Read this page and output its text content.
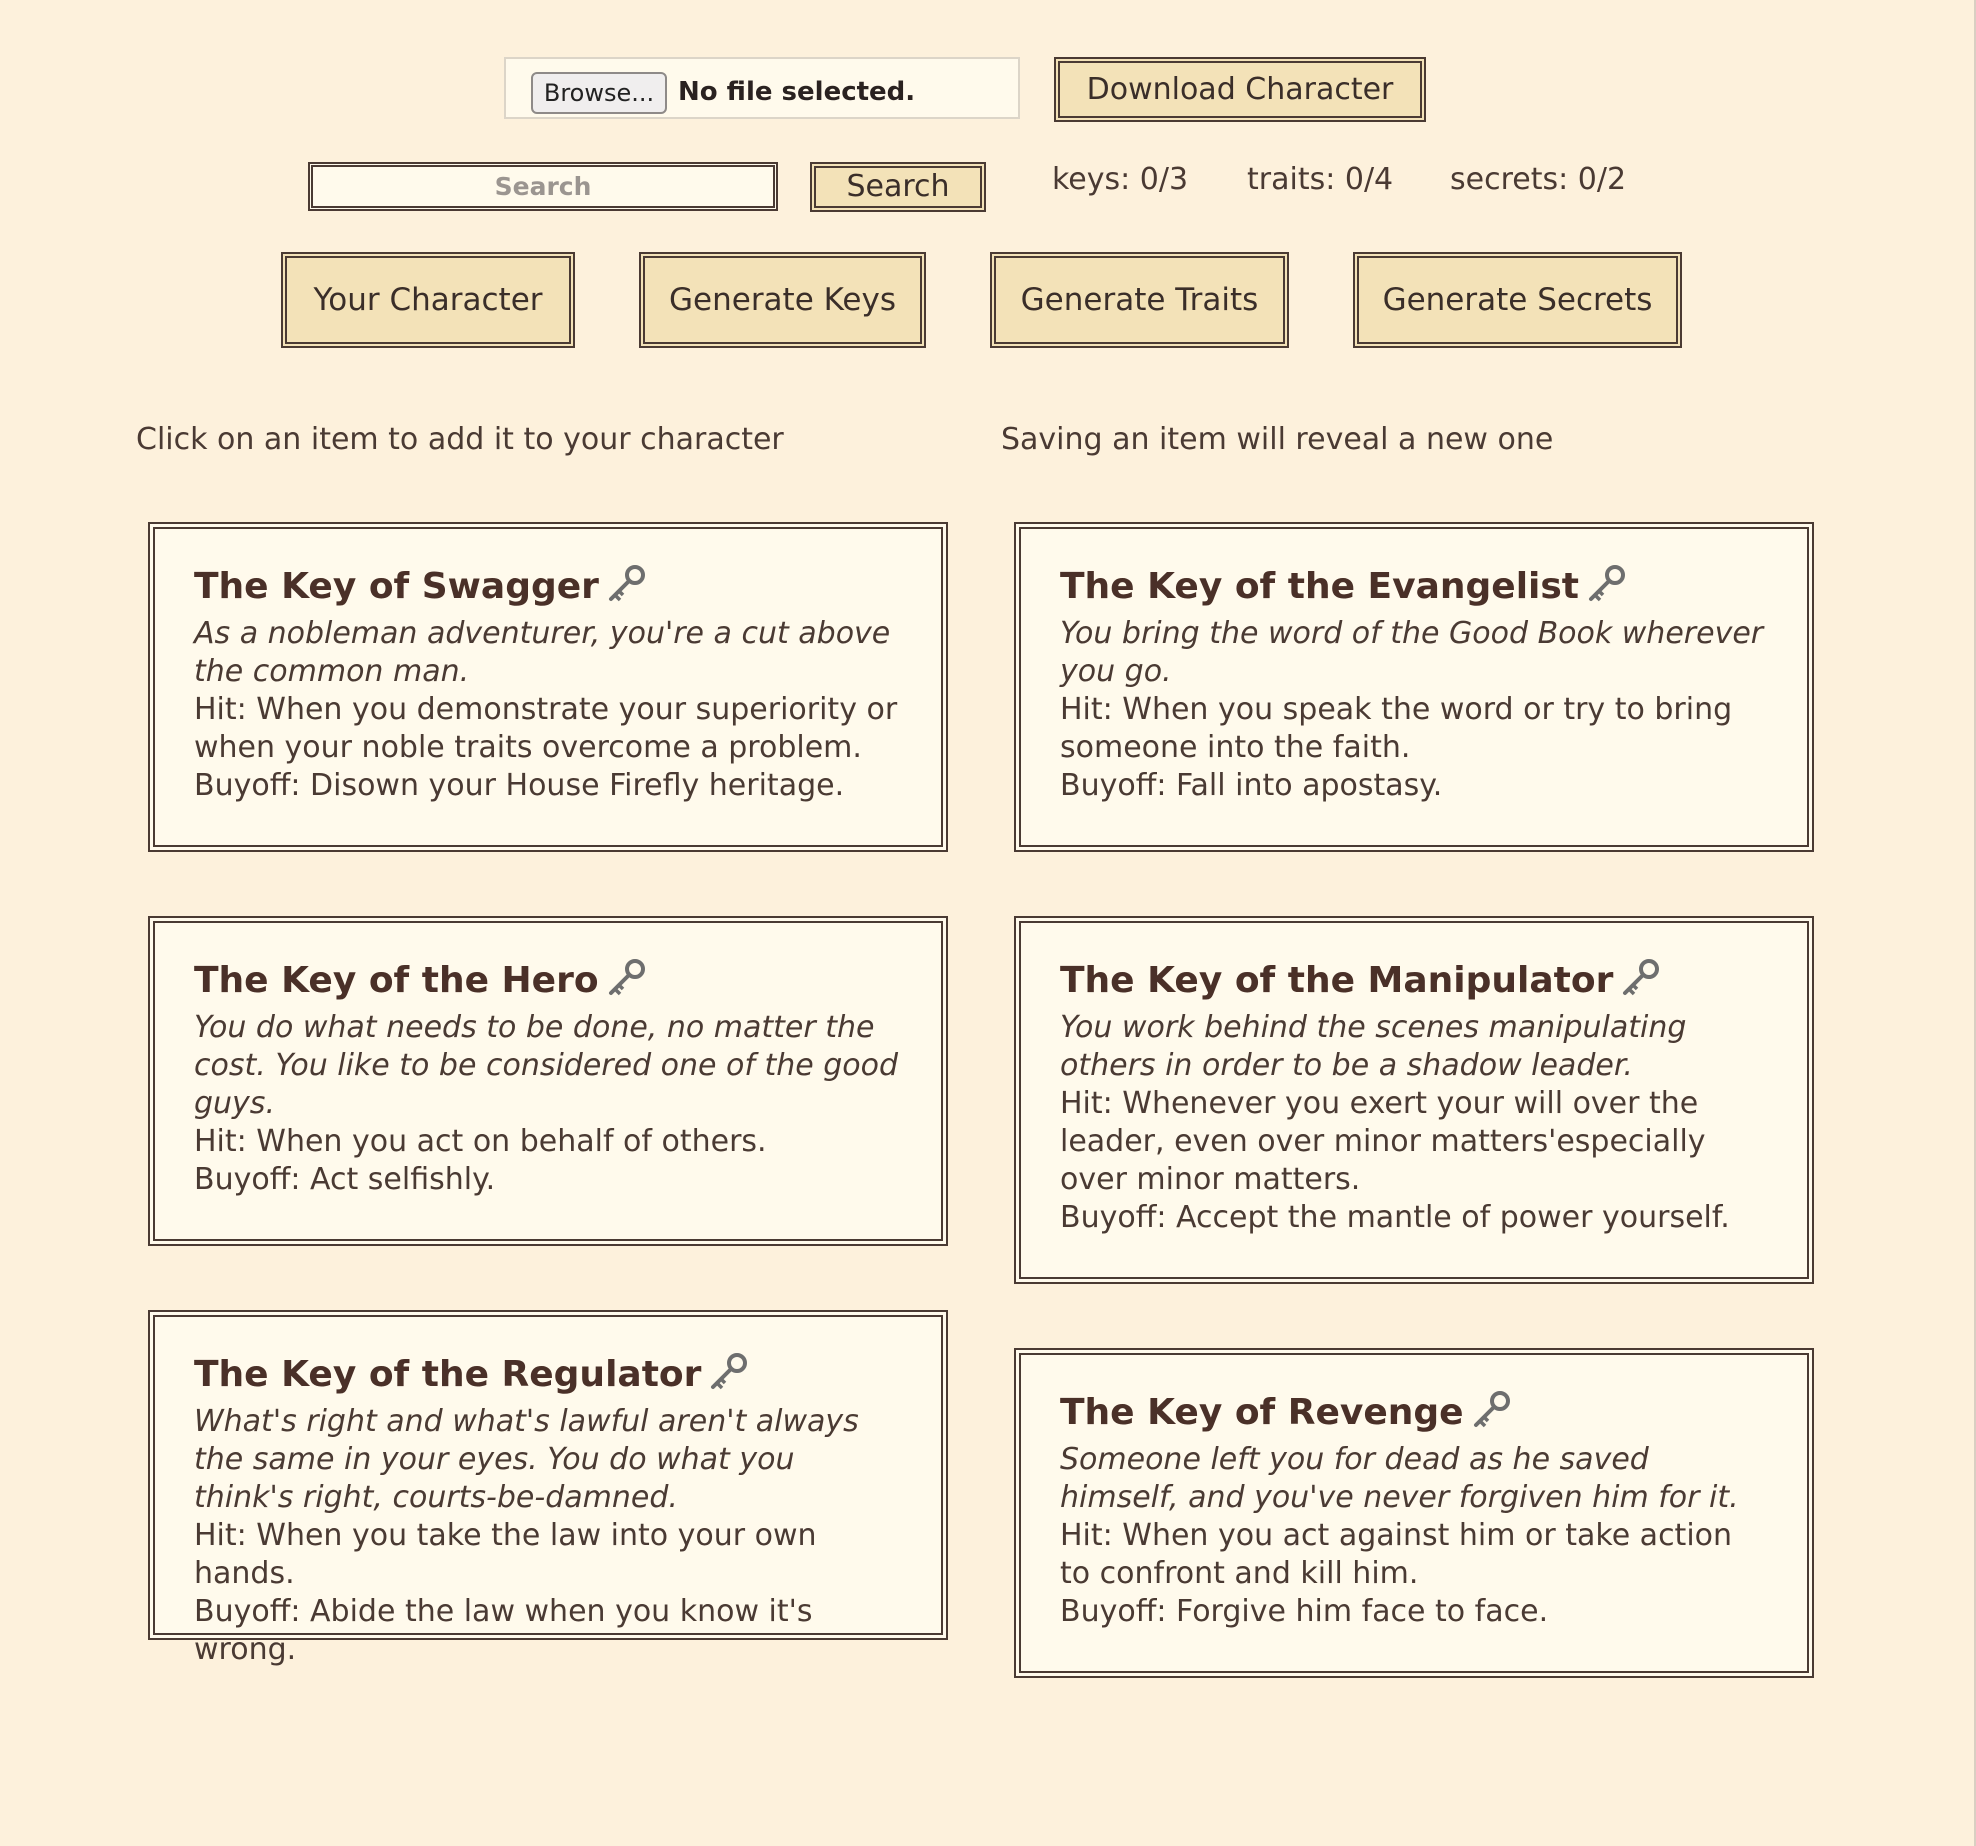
Browse... No file selected.	Download Character
Search
Search	keys: 0/3 traits: 0/4 secrets: 0/2
Your Character	Generate Keys	Generate Traits	Generate Secrets
Click on an item to add it to your character	Saving an item will reveal a new one
The Key of Swagger
As a nobleman adventurer, you're a cut above the common man.
Hit: When you demonstrate your superiority or when your noble traits overcome a problem.
Buyoff: Disown your House Firefly heritage.
The Key of the Evangelist
You bring the word of the Good Book wherever you go.
Hit: When you speak the word or try to bring someone into the faith.
Buyoff: Fall into apostasy.
The Key of the Hero
You do what needs to be done, no matter the cost. You like to be considered one of the good guys.
Hit: When you act on behalf of others.
Buyoff: Act selfishly.
The Key of the Manipulator
You work behind the scenes manipulating others in order to be a shadow leader.
Hit: Whenever you exert your will over the leader, even over minor matters'especially over minor matters.
Buyoff: Accept the mantle of power yourself.
The Key of the Regulator
What's right and what's lawful aren't always the same in your eyes. You do what you think's right, courts-be-damned.
Hit: When you take the law into your own hands.
Buyoff: Abide the law when you know it's wrong.
The Key of Revenge
Someone left you for dead as he saved himself, and you've never forgiven him for it.
Hit: When you act against him or take action to confront and kill him.
Buyoff: Forgive him face to face.
